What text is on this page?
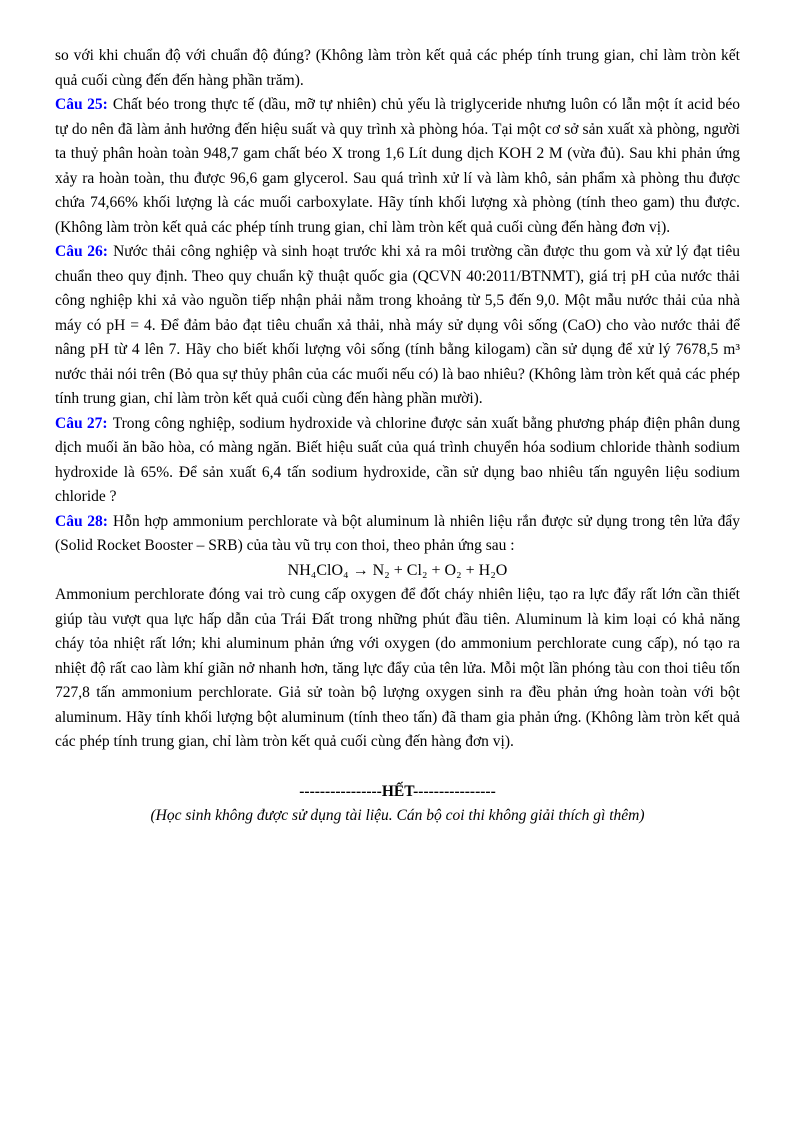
so với khi chuẩn độ với chuẩn độ đúng? (Không làm tròn kết quả các phép tính trung gian, chỉ làm tròn kết quả cuối cùng đến đến hàng phần trăm).

Câu 25: Chất béo trong thực tế (dầu, mỡ tự nhiên) chủ yếu là triglyceride nhưng luôn có lẫn một ít acid béo tự do nên đã làm ảnh hưởng đến hiệu suất và quy trình xà phòng hóa. Tại một cơ sở sản xuất xà phòng, người ta thuỷ phân hoàn toàn 948,7 gam chất béo X trong 1,6 Lít dung dịch KOH 2 M (vừa đủ). Sau khi phản ứng xảy ra hoàn toàn, thu được 96,6 gam glycerol. Sau quá trình xử lí và làm khô, sản phẩm xà phòng thu được chứa 74,66% khối lượng là các muối carboxylate. Hãy tính khối lượng xà phòng (tính theo gam) thu được. (Không làm tròn kết quả các phép tính trung gian, chỉ làm tròn kết quả cuối cùng đến hàng đơn vị).

Câu 26: Nước thải công nghiệp và sinh hoạt trước khi xả ra môi trường cần được thu gom và xử lý đạt tiêu chuẩn theo quy định. Theo quy chuẩn kỹ thuật quốc gia (QCVN 40:2011/BTNMT), giá trị pH của nước thải công nghiệp khi xả vào nguồn tiếp nhận phải nằm trong khoảng từ 5,5 đến 9,0. Một mẫu nước thải của nhà máy có pH = 4. Để đảm bảo đạt tiêu chuẩn xả thải, nhà máy sử dụng vôi sống (CaO) cho vào nước thải để nâng pH từ 4 lên 7. Hãy cho biết khối lượng vôi sống (tính bằng kilogam) cần sử dụng để xử lý 7678,5 m³ nước thải nói trên (Bỏ qua sự thủy phân của các muối nếu có) là bao nhiêu? (Không làm tròn kết quả các phép tính trung gian, chỉ làm tròn kết quả cuối cùng đến hàng phần mười).

Câu 27: Trong công nghiệp, sodium hydroxide và chlorine được sản xuất bằng phương pháp điện phân dung dịch muối ăn bão hòa, có màng ngăn. Biết hiệu suất của quá trình chuyển hóa sodium chloride thành sodium hydroxide là 65%. Để sản xuất 6,4 tấn sodium hydroxide, cần sử dụng bao nhiêu tấn nguyên liệu sodium chloride ?

Câu 28: Hỗn hợp ammonium perchlorate và bột aluminum là nhiên liệu rắn được sử dụng trong tên lửa đẩy (Solid Rocket Booster – SRB) của tàu vũ trụ con thoi, theo phản ứng sau :

NH₄ClO₄ → N₂ + Cl₂ + O₂ + H₂O

Ammonium perchlorate đóng vai trò cung cấp oxygen để đốt cháy nhiên liệu, tạo ra lực đẩy rất lớn cần thiết giúp tàu vượt qua lực hấp dẫn của Trái Đất trong những phút đầu tiên. Aluminum là kim loại có khả năng cháy tỏa nhiệt rất lớn; khi aluminum phản ứng với oxygen (do ammonium perchlorate cung cấp), nó tạo ra nhiệt độ rất cao làm khí giãn nở nhanh hơn, tăng lực đẩy của tên lửa. Mỗi một lần phóng tàu con thoi tiêu tốn 727,8 tấn ammonium perchlorate. Giả sử toàn bộ lượng oxygen sinh ra đều phản ứng hoàn toàn với bột aluminum. Hãy tính khối lượng bột aluminum (tính theo tấn) đã tham gia phản ứng. (Không làm tròn kết quả các phép tính trung gian, chỉ làm tròn kết quả cuối cùng đến hàng đơn vị).

----------------HẾT----------------

(Học sinh không được sử dụng tài liệu. Cán bộ coi thi không giải thích gì thêm)
